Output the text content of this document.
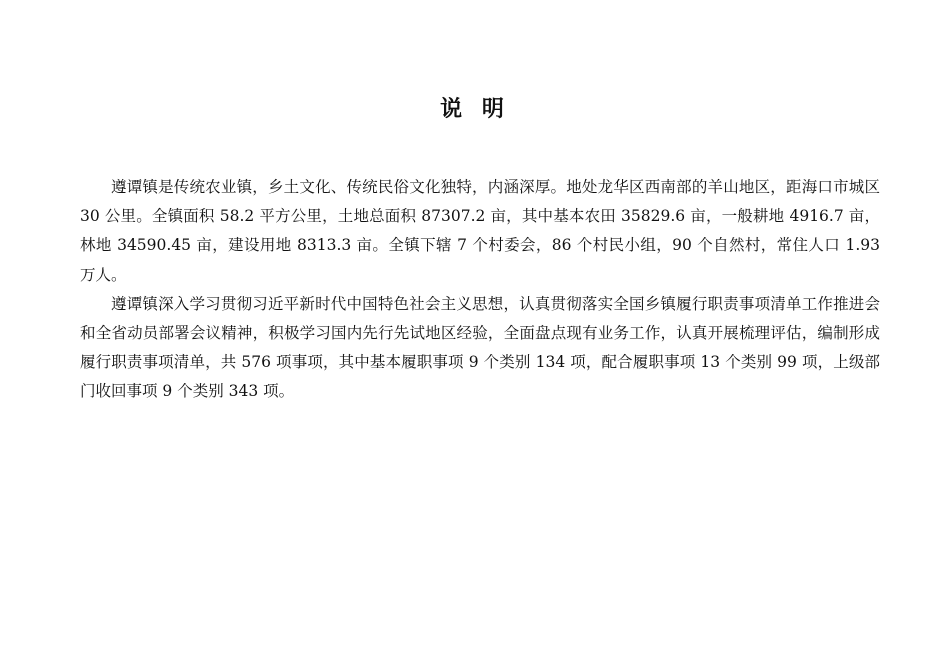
说 明

遵谭镇是传统农业镇，乡土文化、传统民俗文化独特，内涵深厚。地处龙华区西南部的羊山地区，距海口市城区 30 公里。全镇面积 58.2 平方公里，土地总面积 87307.2 亩，其中基本农田 35829.6 亩，一般耕地 4916.7 亩，林地 34590.45 亩，建设用地 8313.3 亩。全镇下辖 7 个村委会，86 个村民小组，90 个自然村，常住人口 1.93 万人。

遵谭镇深入学习贯彻习近平新时代中国特色社会主义思想，认真贯彻落实全国乡镇履行职责事项清单工作推进会和全省动员部署会议精神，积极学习国内先行先试地区经验，全面盘点现有业务工作，认真开展梳理评估，编制形成履行职责事项清单，共 576 项事项，其中基本履职事项 9 个类别 134 项，配合履职事项 13 个类别 99 项，上级部门收回事项 9 个类别 343 项。
